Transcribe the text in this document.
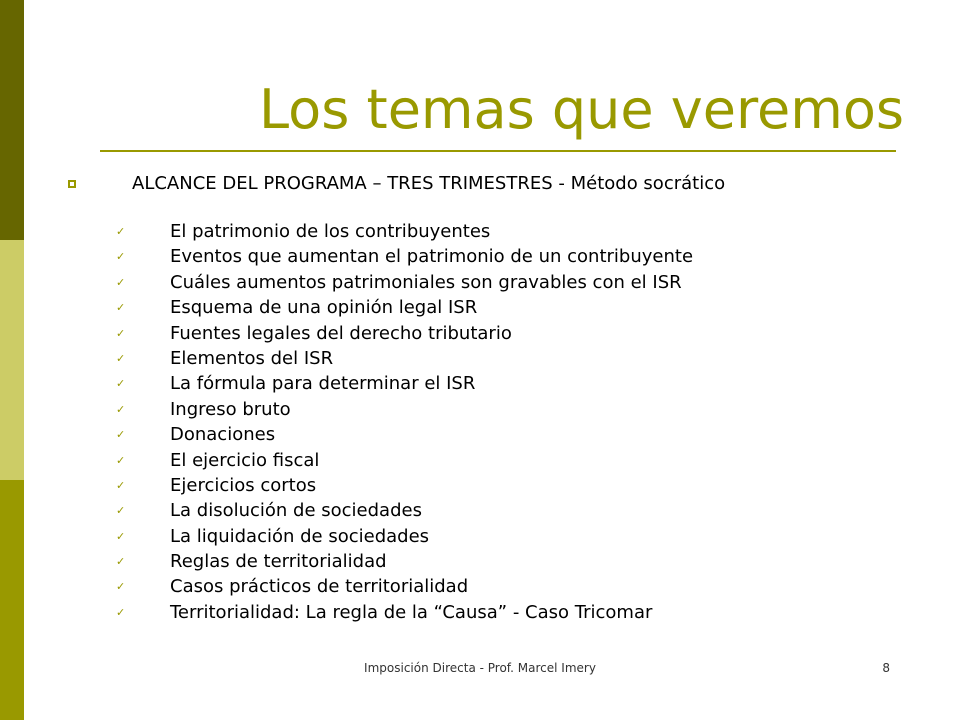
Los temas que veremos
ALCANCE DEL PROGRAMA – TRES TRIMESTRES - Método socrático
✓ El patrimonio de los contribuyentes
✓ Eventos que aumentan el patrimonio de un contribuyente
✓ Cuáles aumentos patrimoniales son gravables con el ISR
✓ Esquema de una opinión legal ISR
✓ Fuentes legales del derecho tributario
✓ Elementos del ISR
✓ La fórmula para determinar el ISR
✓ Ingreso bruto
✓ Donaciones
✓ El ejercicio fiscal
✓ Ejercicios cortos
✓ La disolución de sociedades
✓ La liquidación de sociedades
✓ Reglas de territorialidad
✓ Casos prácticos de territorialidad
✓ Territorialidad: La regla de la “Causa” - Caso Tricomar
Imposición Directa - Prof. Marcel Imery	8
